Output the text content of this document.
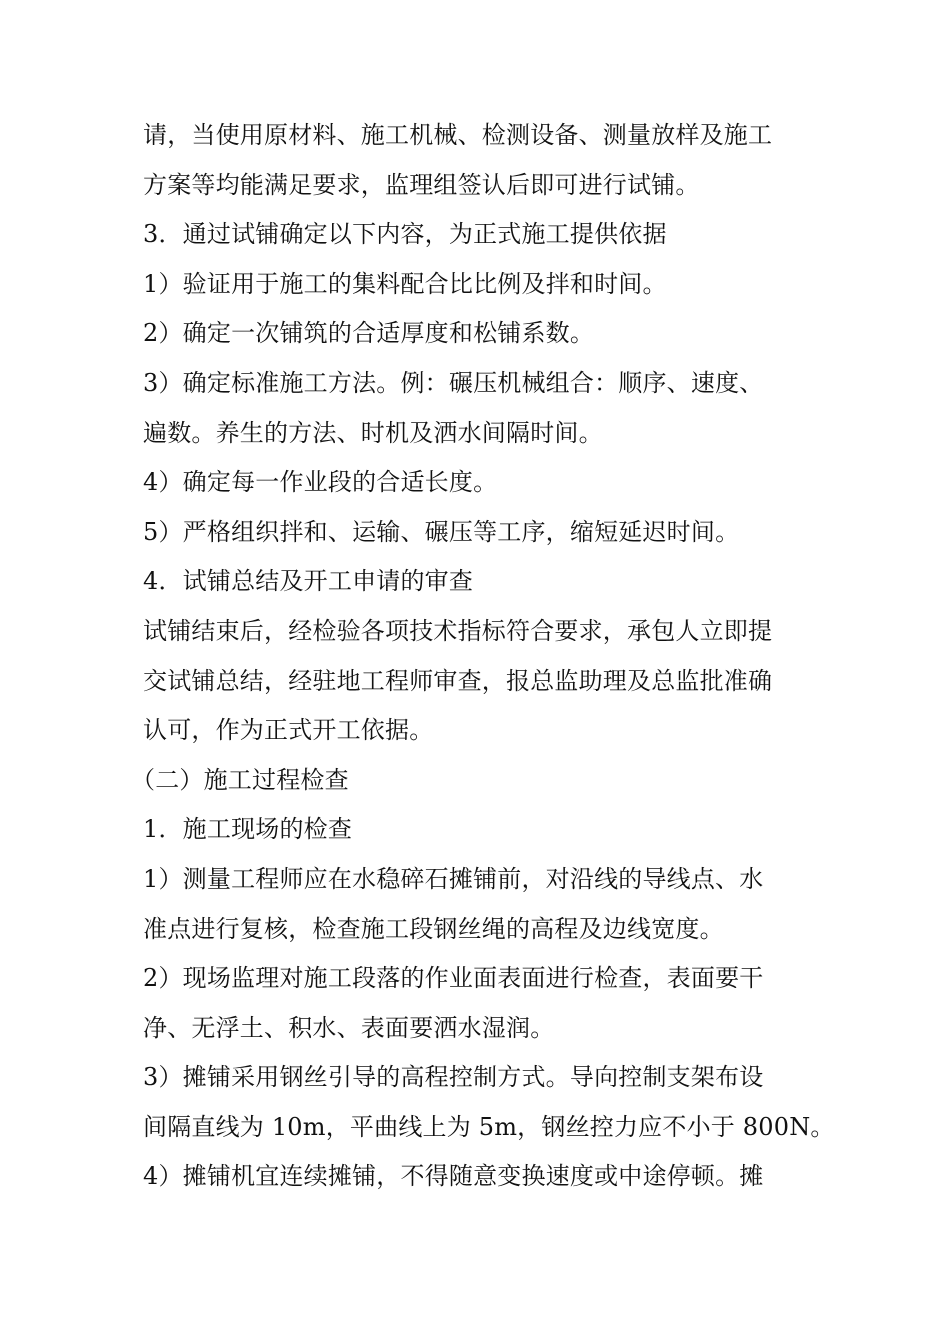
请，当使用原材料、施工机械、检测设备、测量放样及施工
方案等均能满足要求，监理组签认后即可进行试铺。
3．通过试铺确定以下内容，为正式施工提供依据
1）验证用于施工的集料配合比比例及拌和时间。
2）确定一次铺筑的合适厚度和松铺系数。
3）确定标准施工方法。例：碾压机械组合：顺序、速度、
遍数。养生的方法、时机及洒水间隔时间。
4）确定每一作业段的合适长度。
5）严格组织拌和、运输、碾压等工序，缩短延迟时间。
4．试铺总结及开工申请的审查
试铺结束后，经检验各项技术指标符合要求，承包人立即提
交试铺总结，经驻地工程师审查，报总监助理及总监批准确
认可，作为正式开工依据。
（二）施工过程检查
1．施工现场的检查
1）测量工程师应在水稳碎石摊铺前，对沿线的导线点、水
准点进行复核，检查施工段钢丝绳的高程及边线宽度。
2）现场监理对施工段落的作业面表面进行检查，表面要干
净、无浮土、积水、表面要洒水湿润。
3）摊铺采用钢丝引导的高程控制方式。导向控制支架布设
间隔直线为 10m，平曲线上为 5m，钢丝控力应不小于 800N。
4）摊铺机宜连续摊铺，不得随意变换速度或中途停顿。摊
